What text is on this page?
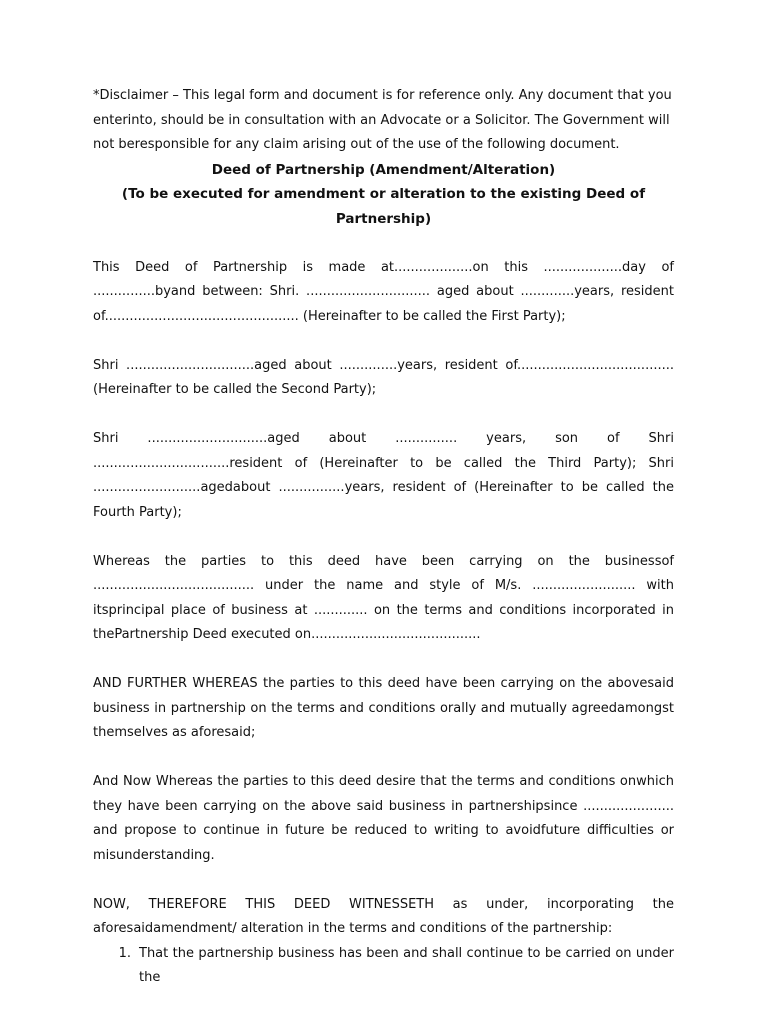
*Disclaimer – This legal form and document is for reference only. Any document that you enterinto, should be in consultation with an Advocate or a Solicitor. The Government will not beresponsible for any claim arising out of the use of the following document.

Deed of Partnership (Amendment/Alteration)

(To be executed for amendment or alteration to the existing Deed of Partnership)

This Deed of Partnership is made at...................on this ...................day of ...............byand between: Shri. .............................. aged about .............years, resident of............................................... (Hereinafter to be called the First Party);

Shri ...............................aged about ..............years, resident of...................................... (Hereinafter to be called the Second Party);

Shri .............................aged about ............... years, son of Shri .................................resident of (Hereinafter to be called the Third Party); Shri ..........................agedabout ................years, resident of (Hereinafter to be called the Fourth Party);

Whereas the parties to this deed have been carrying on the businessof ....................................... under the name and style of M/s. ......................... with itsprincipal place of business at ............. on the terms and conditions incorporated in thePartnership Deed executed on.........................................

AND FURTHER WHEREAS the parties to this deed have been carrying on the abovesaid business in partnership on the terms and conditions orally and mutually agreedamongst themselves as aforesaid;

And Now Whereas the parties to this deed desire that the terms and conditions onwhich they have been carrying on the above said business in partnershipsince ...................... and propose to continue in future be reduced to writing to avoidfuture difficulties or misunderstanding.

NOW, THEREFORE THIS DEED WITNESSETH as under, incorporating the aforesaidamendment/ alteration in the terms and conditions of the partnership:

1. That the partnership business has been and shall continue to be carried on under the
